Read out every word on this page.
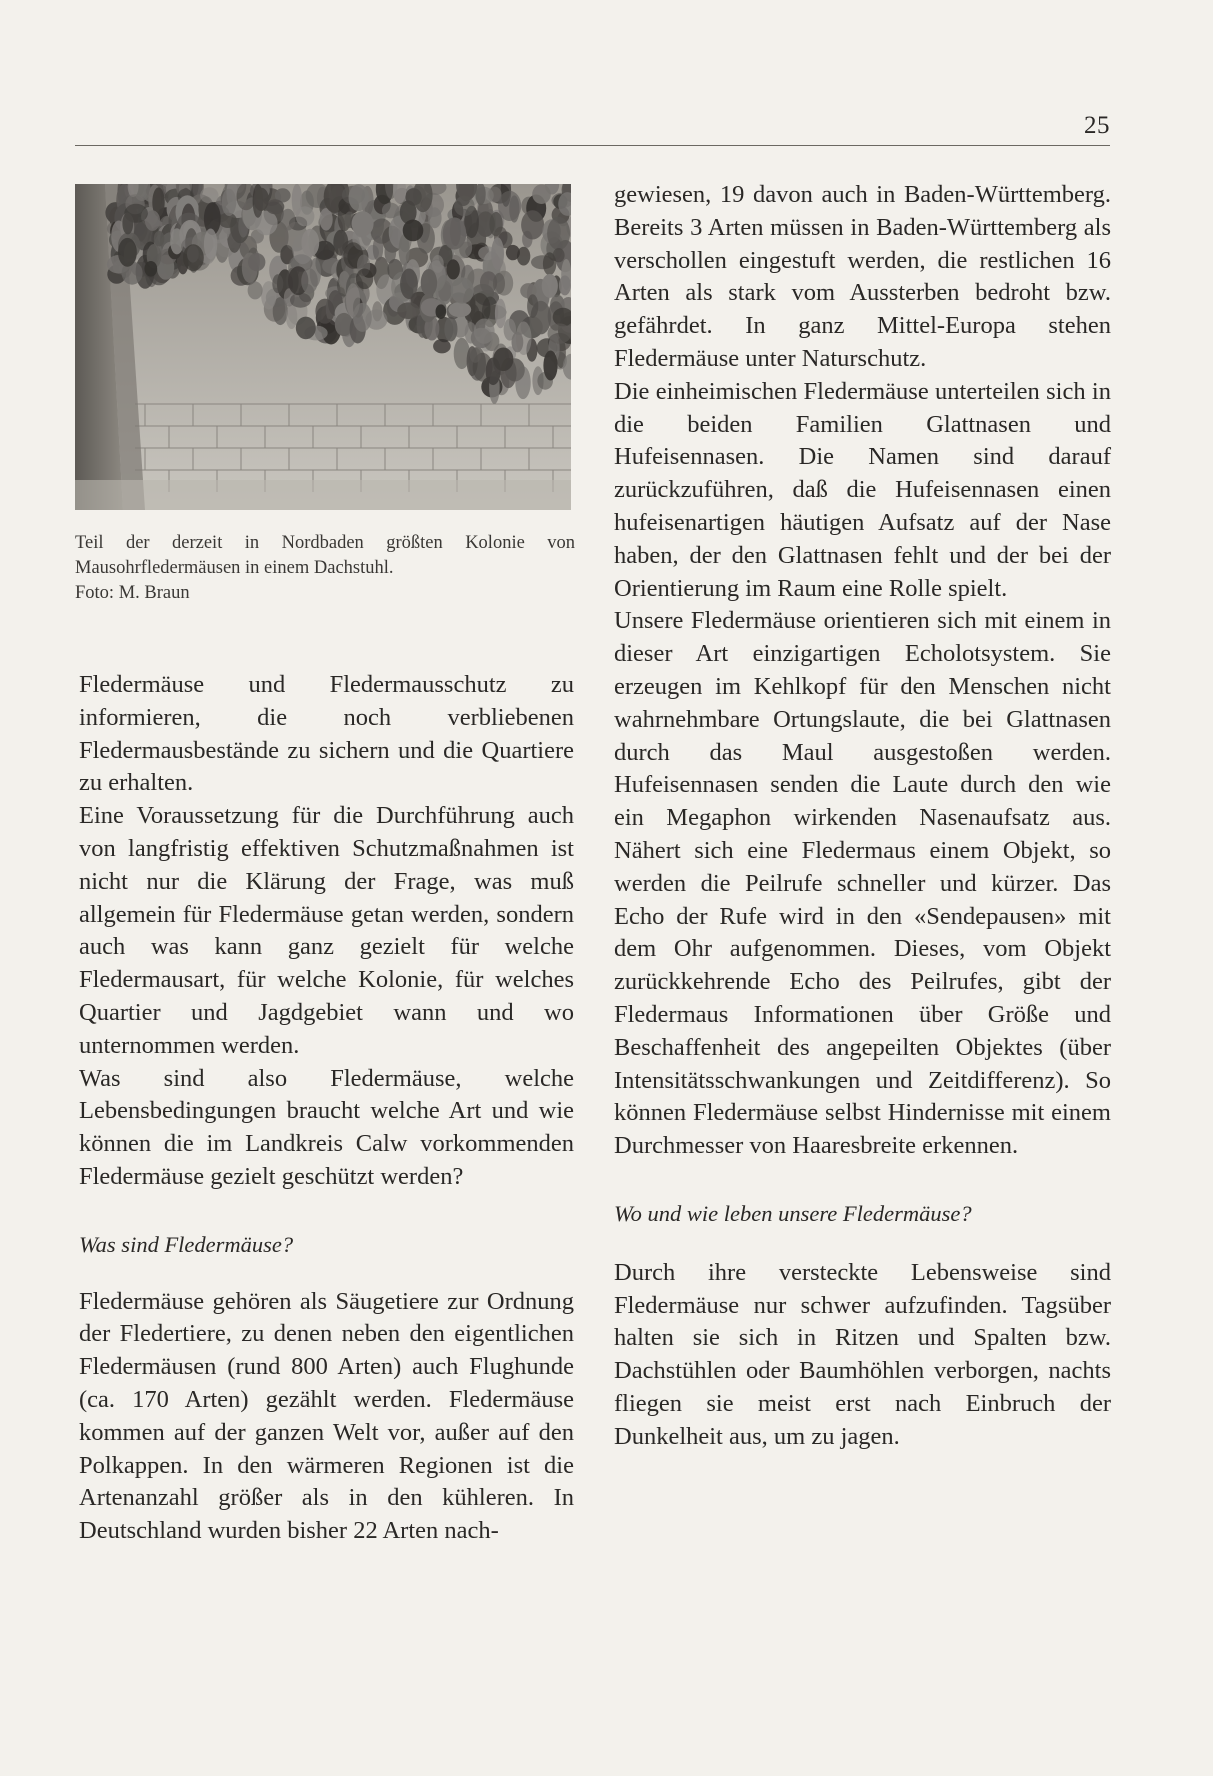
25

Teil der derzeit in Nordbaden größten Kolonie von

Mausohrfledermäusen in einem Dachstuhl.

Foto: M. Braun

Fledermäuse und Fledermausschutz zu informieren, die noch verbliebenen Fledermausbestände zu sichern und die Quartiere zu erhalten.

Eine Voraussetzung für die Durchführung auch von langfristig effektiven Schutzmaßnahmen ist nicht nur die Klärung der Frage, was muß allgemein für Fledermäuse getan werden, sondern auch was kann ganz gezielt für welche Fledermausart, für welche Kolonie, für welches Quartier und Jagdgebiet wann und wo unternommen werden.

Was sind also Fledermäuse, welche Lebensbedingungen braucht welche Art und wie können die im Landkreis Calw vorkommenden Fledermäuse gezielt geschützt werden?

Was sind Fledermäuse?

Fledermäuse gehören als Säugetiere zur Ordnung der Fledertiere, zu denen neben den eigentlichen Fledermäusen (rund 800 Arten) auch Flughunde (ca. 170 Arten) gezählt werden. Fledermäuse kommen auf der ganzen Welt vor, außer auf den Polkappen. In den wärmeren Regionen ist die Artenanzahl größer als in den kühleren. In Deutschland wurden bisher 22 Arten nach-

gewiesen, 19 davon auch in Baden-Württemberg. Bereits 3 Arten müssen in Baden-Württemberg als verschollen eingestuft werden, die restlichen 16 Arten als stark vom Aussterben bedroht bzw. gefährdet. In ganz Mittel-Europa stehen Fledermäuse unter Naturschutz.

Die einheimischen Fledermäuse unterteilen sich in die beiden Familien Glattnasen und Hufeisennasen. Die Namen sind darauf zurückzuführen, daß die Hufeisennasen einen hufeisenartigen häutigen Aufsatz auf der Nase haben, der den Glattnasen fehlt und der bei der Orientierung im Raum eine Rolle spielt.

Unsere Fledermäuse orientieren sich mit einem in dieser Art einzigartigen Echolotsystem. Sie erzeugen im Kehlkopf für den Menschen nicht wahrnehmbare Ortungslaute, die bei Glattnasen durch das Maul ausgestoßen werden. Hufeisennasen senden die Laute durch den wie ein Megaphon wirkenden Nasenaufsatz aus. Nähert sich eine Fledermaus einem Objekt, so werden die Peilrufe schneller und kürzer. Das Echo der Rufe wird in den «Sendepausen» mit dem Ohr aufgenommen. Dieses, vom Objekt zurückkehrende Echo des Peilrufes, gibt der Fledermaus Informationen über Größe und Beschaffenheit des angepeilten Objektes (über Intensitätsschwankungen und Zeitdifferenz). So können Fledermäuse selbst Hindernisse mit einem Durchmesser von Haaresbreite erkennen.

Wo und wie leben unsere Fledermäuse?

Durch ihre versteckte Lebensweise sind Fledermäuse nur schwer aufzufinden. Tagsüber halten sie sich in Ritzen und Spalten bzw. Dachstühlen oder Baumhöhlen verborgen, nachts fliegen sie meist erst nach Einbruch der Dunkelheit aus, um zu jagen.
